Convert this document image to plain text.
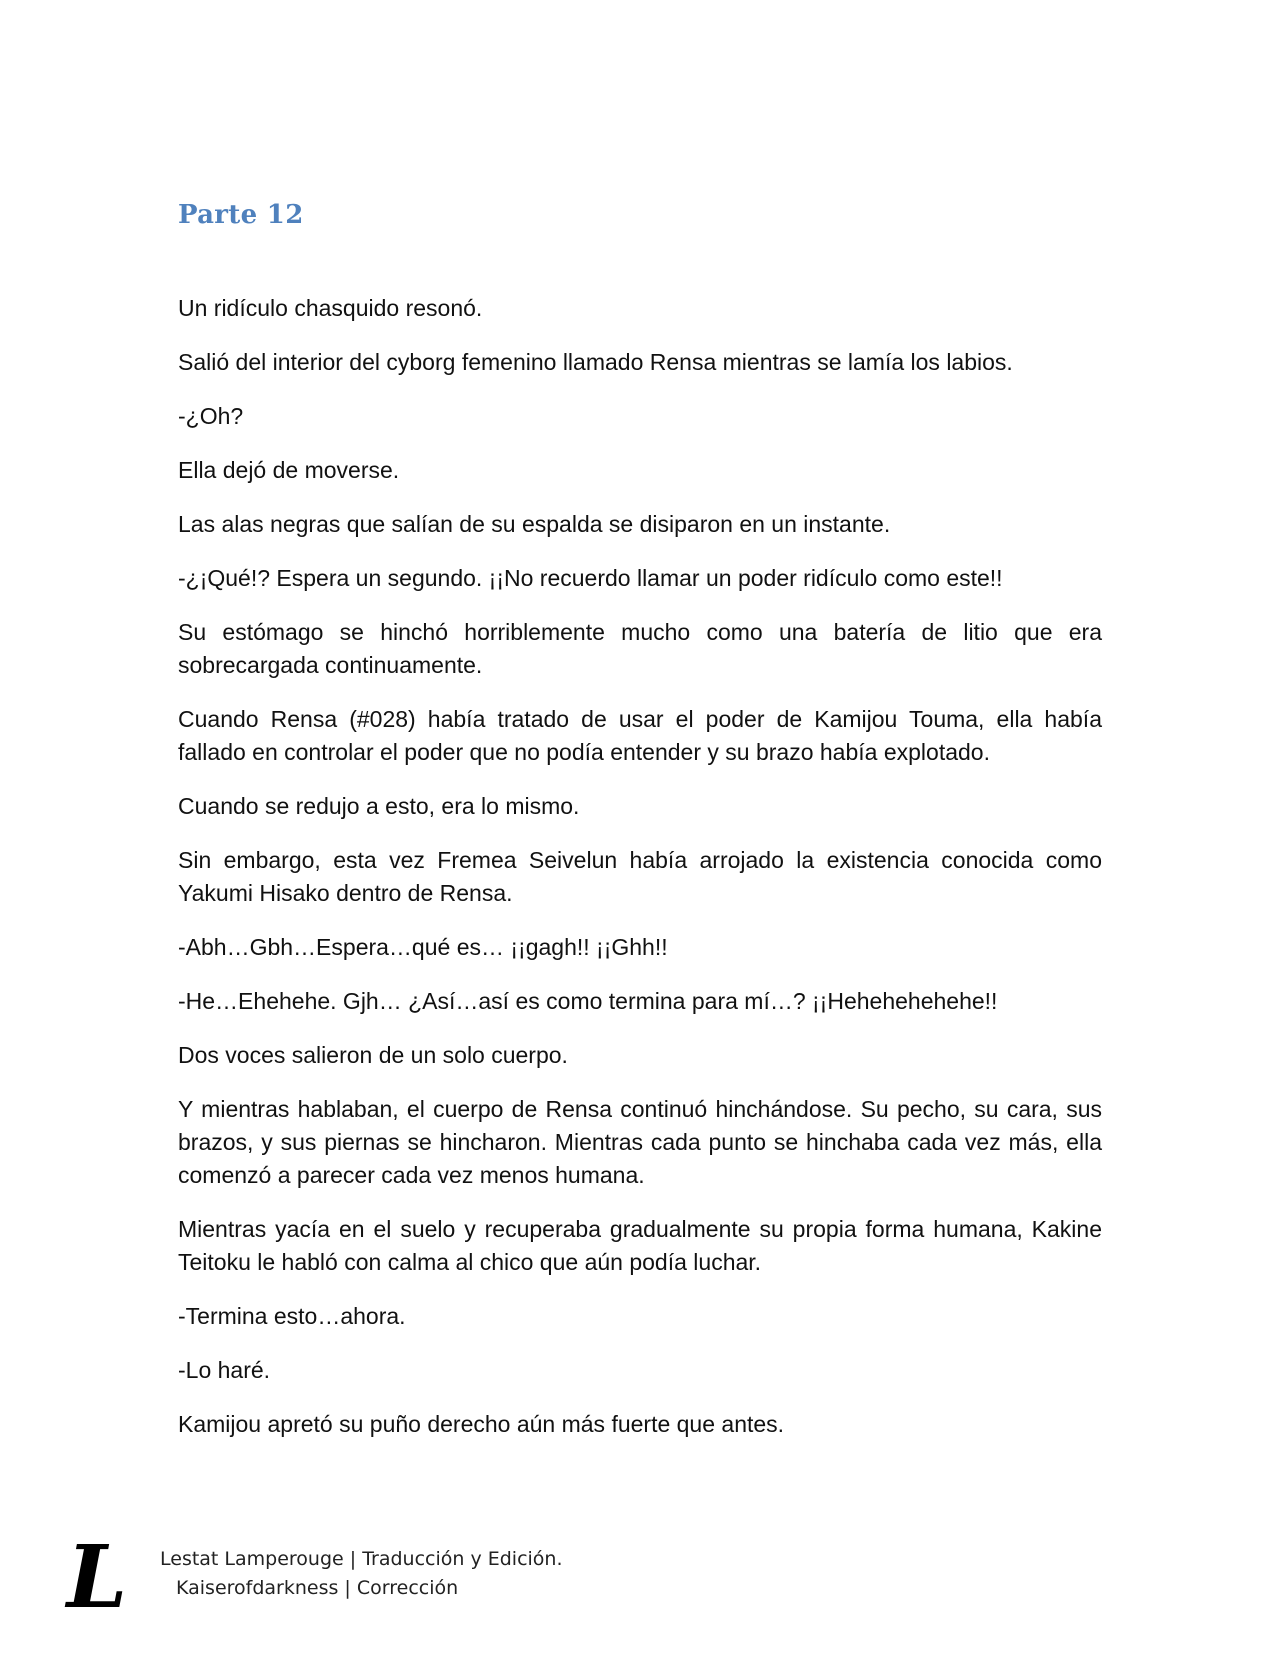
Parte 12

Un ridículo chasquido resonó.

Salió del interior del cyborg femenino llamado Rensa mientras se lamía los labios.

-¿Oh?

Ella dejó de moverse.

Las alas negras que salían de su espalda se disiparon en un instante.

-¿¡Qué!? Espera un segundo. ¡¡No recuerdo llamar un poder ridículo como este!!

Su estómago se hinchó horriblemente mucho como una batería de litio que era sobrecargada continuamente.

Cuando Rensa (#028) había tratado de usar el poder de Kamijou Touma, ella había fallado en controlar el poder que no podía entender y su brazo había explotado.

Cuando se redujo a esto, era lo mismo.

Sin embargo, esta vez Fremea Seivelun había arrojado la existencia conocida como Yakumi Hisako dentro de Rensa.

-Abh…Gbh…Espera…qué es… ¡¡gagh!! ¡¡Ghh!!

-He…Ehehehe. Gjh… ¿Así…así es como termina para mí…? ¡¡Hehehehehehe!!

Dos voces salieron de un solo cuerpo.

Y mientras hablaban, el cuerpo de Rensa continuó hinchándose. Su pecho, su cara, sus brazos, y sus piernas se hincharon. Mientras cada punto se hinchaba cada vez más, ella comenzó a parecer cada vez menos humana.

Mientras yacía en el suelo y recuperaba gradualmente su propia forma humana, Kakine Teitoku le habló con calma al chico que aún podía luchar.

-Termina esto…ahora.

-Lo haré.

Kamijou apretó su puño derecho aún más fuerte que antes.

L Lestat Lamperouge | Traducción y Edición.
Kaiserofdarkness | Corrección
